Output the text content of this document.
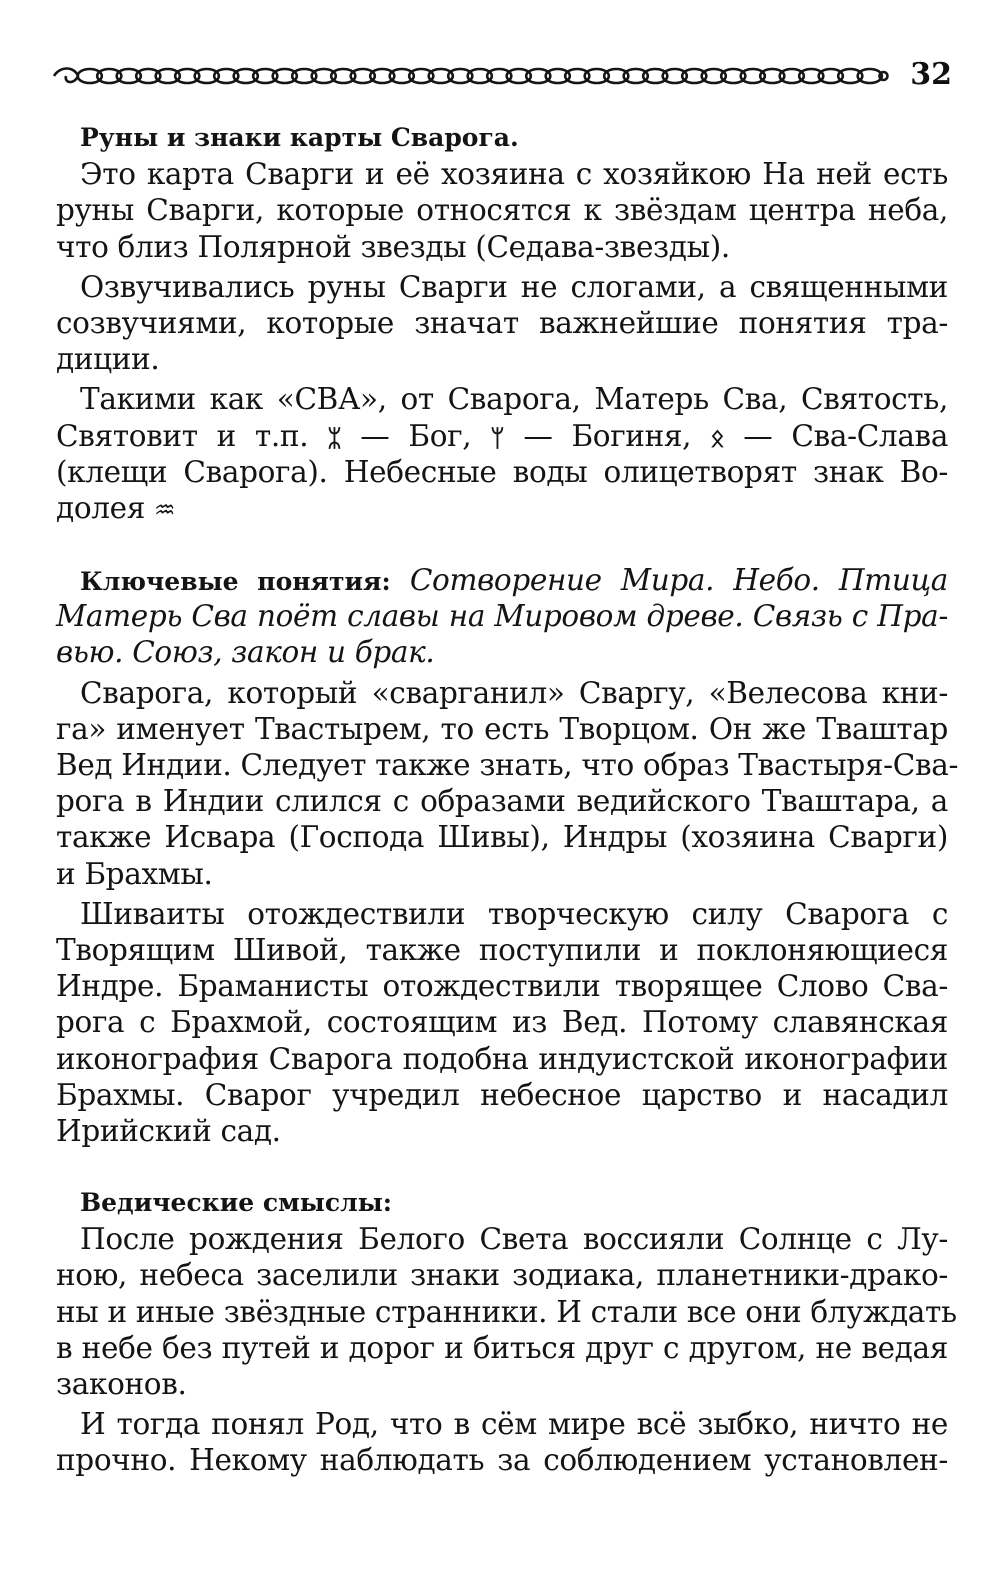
32
Руны и знаки карты Сварога.
Это карта Сварги и её хозяина с хозяйкою На ней есть
руны Сварги, которые относятся к звёздам центра неба,
что близ Полярной звезды (Седава-звезды).
Озвучивались руны Сварги не слогами, а священными
созвучиями, которые значат важнейшие понятия тра-
диции.
Такими как «СВА», от Сварога, Матерь Сва, Святость,
Святовит и т.п. ᛯ — Бог, ᛘ — Богиня, ᛟ — Сва-Слава
(клещи Сварога). Небесные воды олицетворят знак Во-
долея ♒
Ключевые понятия: Сотворение Мира. Небо. Птица
Матерь Сва поёт славы на Мировом древе. Связь с Пра-
вью. Союз, закон и брак.
Сварога, который «сварганил» Сваргу, «Велесова кни-
га» именует Твастырем, то есть Творцом. Он же Тваштар
Вед Индии. Следует также знать, что образ Твастыря-Сва-
рога в Индии слился с образами ведийского Тваштара, а
также Исвара (Господа Шивы), Индры (хозяина Сварги)
и Брахмы.
Шиваиты отождествили творческую силу Сварога с
Творящим Шивой, также поступили и поклоняющиеся
Индре. Браманисты отождествили творящее Слово Сва-
рога с Брахмой, состоящим из Вед. Потому славянская
иконография Сварога подобна индуистской иконографии
Брахмы. Сварог учредил небесное царство и насадил
Ирийский сад.
Ведические смыслы:
После рождения Белого Света воссияли Солнце с Лу-
ною, небеса заселили знаки зодиака, планетники-драко-
ны и иные звёздные странники. И стали все они блуждать
в небе без путей и дорог и биться друг с другом, не ведая
законов.
И тогда понял Род, что в сём мире всё зыбко, ничто не
прочно. Некому наблюдать за соблюдением установлен-
